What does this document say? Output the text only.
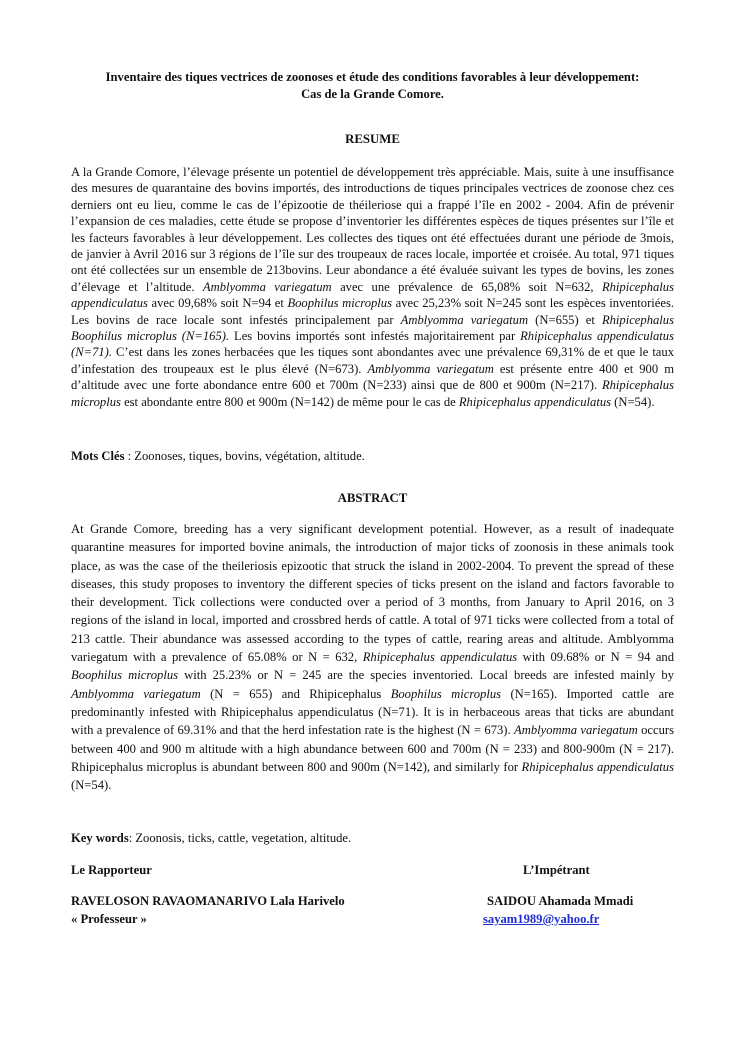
Inventaire des tiques vectrices de zoonoses et étude des conditions favorables à leur développement:
Cas de la Grande Comore.
RESUME
A la Grande Comore, l’élevage présente un potentiel de développement très appréciable. Mais, suite à une insuffisance des mesures de quarantaine des bovins importés, des introductions de tiques principales vectrices de zoonose chez ces derniers ont eu lieu, comme le cas de l’épizootie de théileriose qui a frappé l’île en 2002 - 2004. Afin de prévenir l’expansion de ces maladies, cette étude se propose d’inventorier les différentes espèces de tiques présentes sur l’île et les facteurs favorables à leur développement. Les collectes des tiques ont été effectuées durant une période de 3mois, de janvier à Avril 2016 sur 3 régions de l’île sur des troupeaux de races locale, importée et croisée. Au total, 971 tiques ont été collectées sur un ensemble de 213bovins. Leur abondance a été évaluée suivant les types de bovins, les zones d’élevage et l’altitude. Amblyomma variegatum avec une prévalence de 65,08% soit N=632, Rhipicephalus appendiculatus avec 09,68% soit N=94 et Boophilus microplus avec 25,23% soit N=245 sont les espèces inventoriées. Les bovins de race locale sont infestés principalement par Amblyomma variegatum (N=655) et Rhipicephalus Boophilus microplus (N=165). Les bovins importés sont infestés majoritairement par Rhipicephalus appendiculatus (N=71). C’est dans les zones herbacées que les tiques sont abondantes avec une prévalence 69,31% de et que le taux d’infestation des troupeaux est le plus élevé (N=673). Amblyomma variegatum est présente entre 400 et 900 m d’altitude avec une forte abondance entre 600 et 700m (N=233) ainsi que de 800 et 900m (N=217). Rhipicephalus microplus est abondante entre 800 et 900m (N=142) de même pour le cas de Rhipicephalus appendiculatus (N=54).
Mots Clés : Zoonoses, tiques, bovins, végétation, altitude.
ABSTRACT
At Grande Comore, breeding has a very significant development potential. However, as a result of inadequate quarantine measures for imported bovine animals, the introduction of major ticks of zoonosis in these animals took place, as was the case of the theileriosis epizootic that struck the island in 2002-2004. To prevent the spread of these diseases, this study proposes to inventory the different species of ticks present on the island and factors favorable to their development. Tick collections were conducted over a period of 3 months, from January to April 2016, on 3 regions of the island in local, imported and crossbred herds of cattle. A total of 971 ticks were collected from a total of 213 cattle. Their abundance was assessed according to the types of cattle, rearing areas and altitude. Amblyomma variegatum with a prevalence of 65.08% or N = 632, Rhipicephalus appendiculatus with 09.68% or N = 94 and Boophilus microplus with 25.23% or N = 245 are the species inventoried. Local breeds are infested mainly by Amblyomma variegatum (N = 655) and Rhipicephalus Boophilus microplus (N=165). Imported cattle are predominantly infested with Rhipicephalus appendiculatus (N=71). It is in herbaceous areas that ticks are abundant with a prevalence of 69.31% and that the herd infestation rate is the highest (N = 673). Amblyomma variegatum occurs between 400 and 900 m altitude with a high abundance between 600 and 700m (N = 233) and 800-900m (N = 217). Rhipicephalus microplus is abundant between 800 and 900m (N=142), and similarly for Rhipicephalus appendiculatus (N=54).
Key words: Zoonosis, ticks, cattle, vegetation, altitude.
Le Rapporteur	L’Impétrant
RAVELOSON RAVAOMANARIVO Lala Harivelo
« Professeur »
SAIDOU Ahamada Mmadi
sayam1989@yahoo.fr
